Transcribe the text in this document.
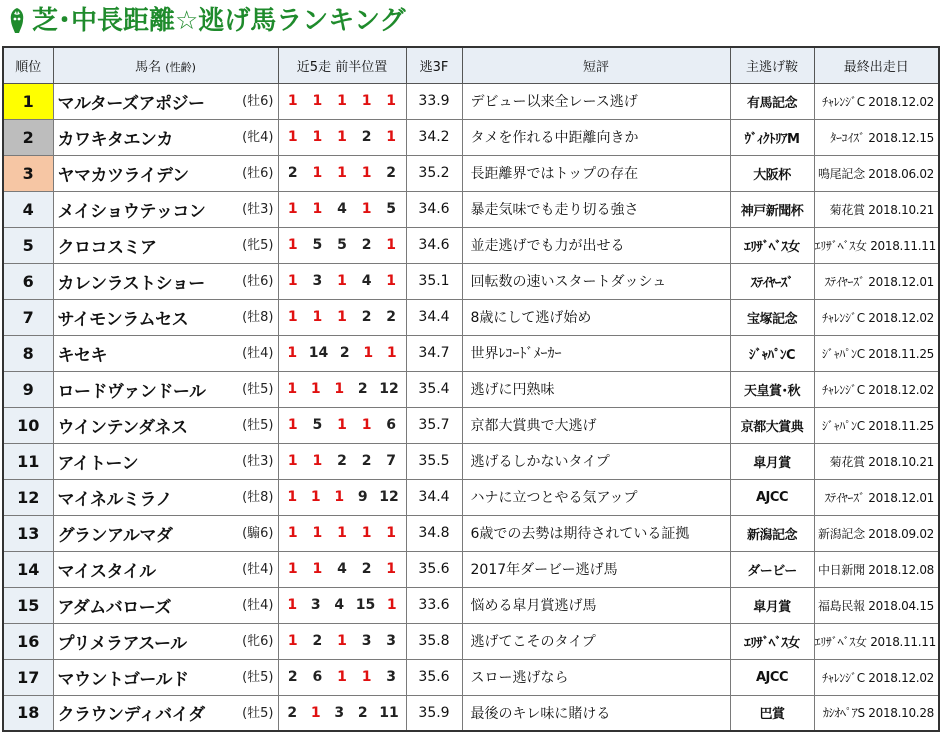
芝･中長距離☆逃げ馬ランキング
順位	馬名 (性齢)	近5走 前半位置	逃3F	短評	主逃げ鞍	最終出走日
1	マルターズアポジー (牡6)	1 1 1 1 1	33.9	デビュー以来全レース逃げ	有馬記念	ﾁｬﾚﾝｼﾞC 2018.12.02
2	カワキタエンカ (牝4)	1 1 1 2 1	34.2	タメを作れる中距離向きか	ｳﾞｨｸﾄﾘｱM	ﾀｰｺｲｽﾞ 2018.12.15
3	ヤマカツライデン (牡6)	2 1 1 1 2	35.2	長距離界ではトップの存在	大阪杯	鳴尾記念 2018.06.02
4	メイショウテッコン (牡3)	1 1 4 1 5	34.6	暴走気味でも走り切る強さ	神戸新聞杯	菊花賞 2018.10.21
5	クロコスミア (牝5)	1 5 5 2 1	34.6	並走逃げでも力が出せる	ｴﾘｻﾞﾍﾞｽ女	ｴﾘｻﾞﾍﾞｽ女 2018.11.11
6	カレンラストショー (牡6)	1 3 1 4 1	35.1	回転数の速いスタートダッシュ	ｽﾃｲﾔｰｽﾞ	ｽﾃｲﾔｰｽﾞ 2018.12.01
7	サイモンラムセス (牡8)	1 1 1 2 2	34.4	8歳にして逃げ始め	宝塚記念	ﾁｬﾚﾝｼﾞC 2018.12.02
8	キセキ (牡4)	1 14 2 1 1	34.7	世界ﾚｺｰﾄﾞﾒｰｶｰ	ｼﾞｬﾊﾟﾝC	ｼﾞｬﾊﾟﾝC 2018.11.25
9	ロードヴァンドール (牡5)	1 1 1 2 12	35.4	逃げに円熟味	天皇賞･秋	ﾁｬﾚﾝｼﾞC 2018.12.02
10	ウインテンダネス (牡5)	1 5 1 1 6	35.7	京都大賞典で大逃げ	京都大賞典	ｼﾞｬﾊﾟﾝC 2018.11.25
11	アイトーン (牡3)	1 1 2 2 7	35.5	逃げるしかないタイプ	皐月賞	菊花賞 2018.10.21
12	マイネルミラノ (牡8)	1 1 1 9 12	34.4	ハナに立つとやる気アップ	AJCC	ｽﾃｲﾔｰｽﾞ 2018.12.01
13	グランアルマダ (騸6)	1 1 1 1 1	34.8	6歳での去勢は期待されている証拠	新潟記念	新潟記念 2018.09.02
14	マイスタイル (牡4)	1 1 4 2 1	35.6	2017年ダービー逃げ馬	ダービー	中日新聞 2018.12.08
15	アダムバローズ (牡4)	1 3 4 15 1	33.6	悩める皐月賞逃げ馬	皐月賞	福島民報 2018.04.15
16	プリメラアスール (牝6)	1 2 1 3 3	35.8	逃げてこそのタイプ	ｴﾘｻﾞﾍﾞｽ女	ｴﾘｻﾞﾍﾞｽ女 2018.11.11
17	マウントゴールド (牡5)	2 6 1 1 3	35.6	スロー逃げなら	AJCC	ﾁｬﾚﾝｼﾞC 2018.12.02
18	クラウンディバイダ (牡5)	2 1 3 2 11	35.9	最後のキレ味に賭ける	巴賞	ｶｼｵﾍﾟｱS 2018.10.28
